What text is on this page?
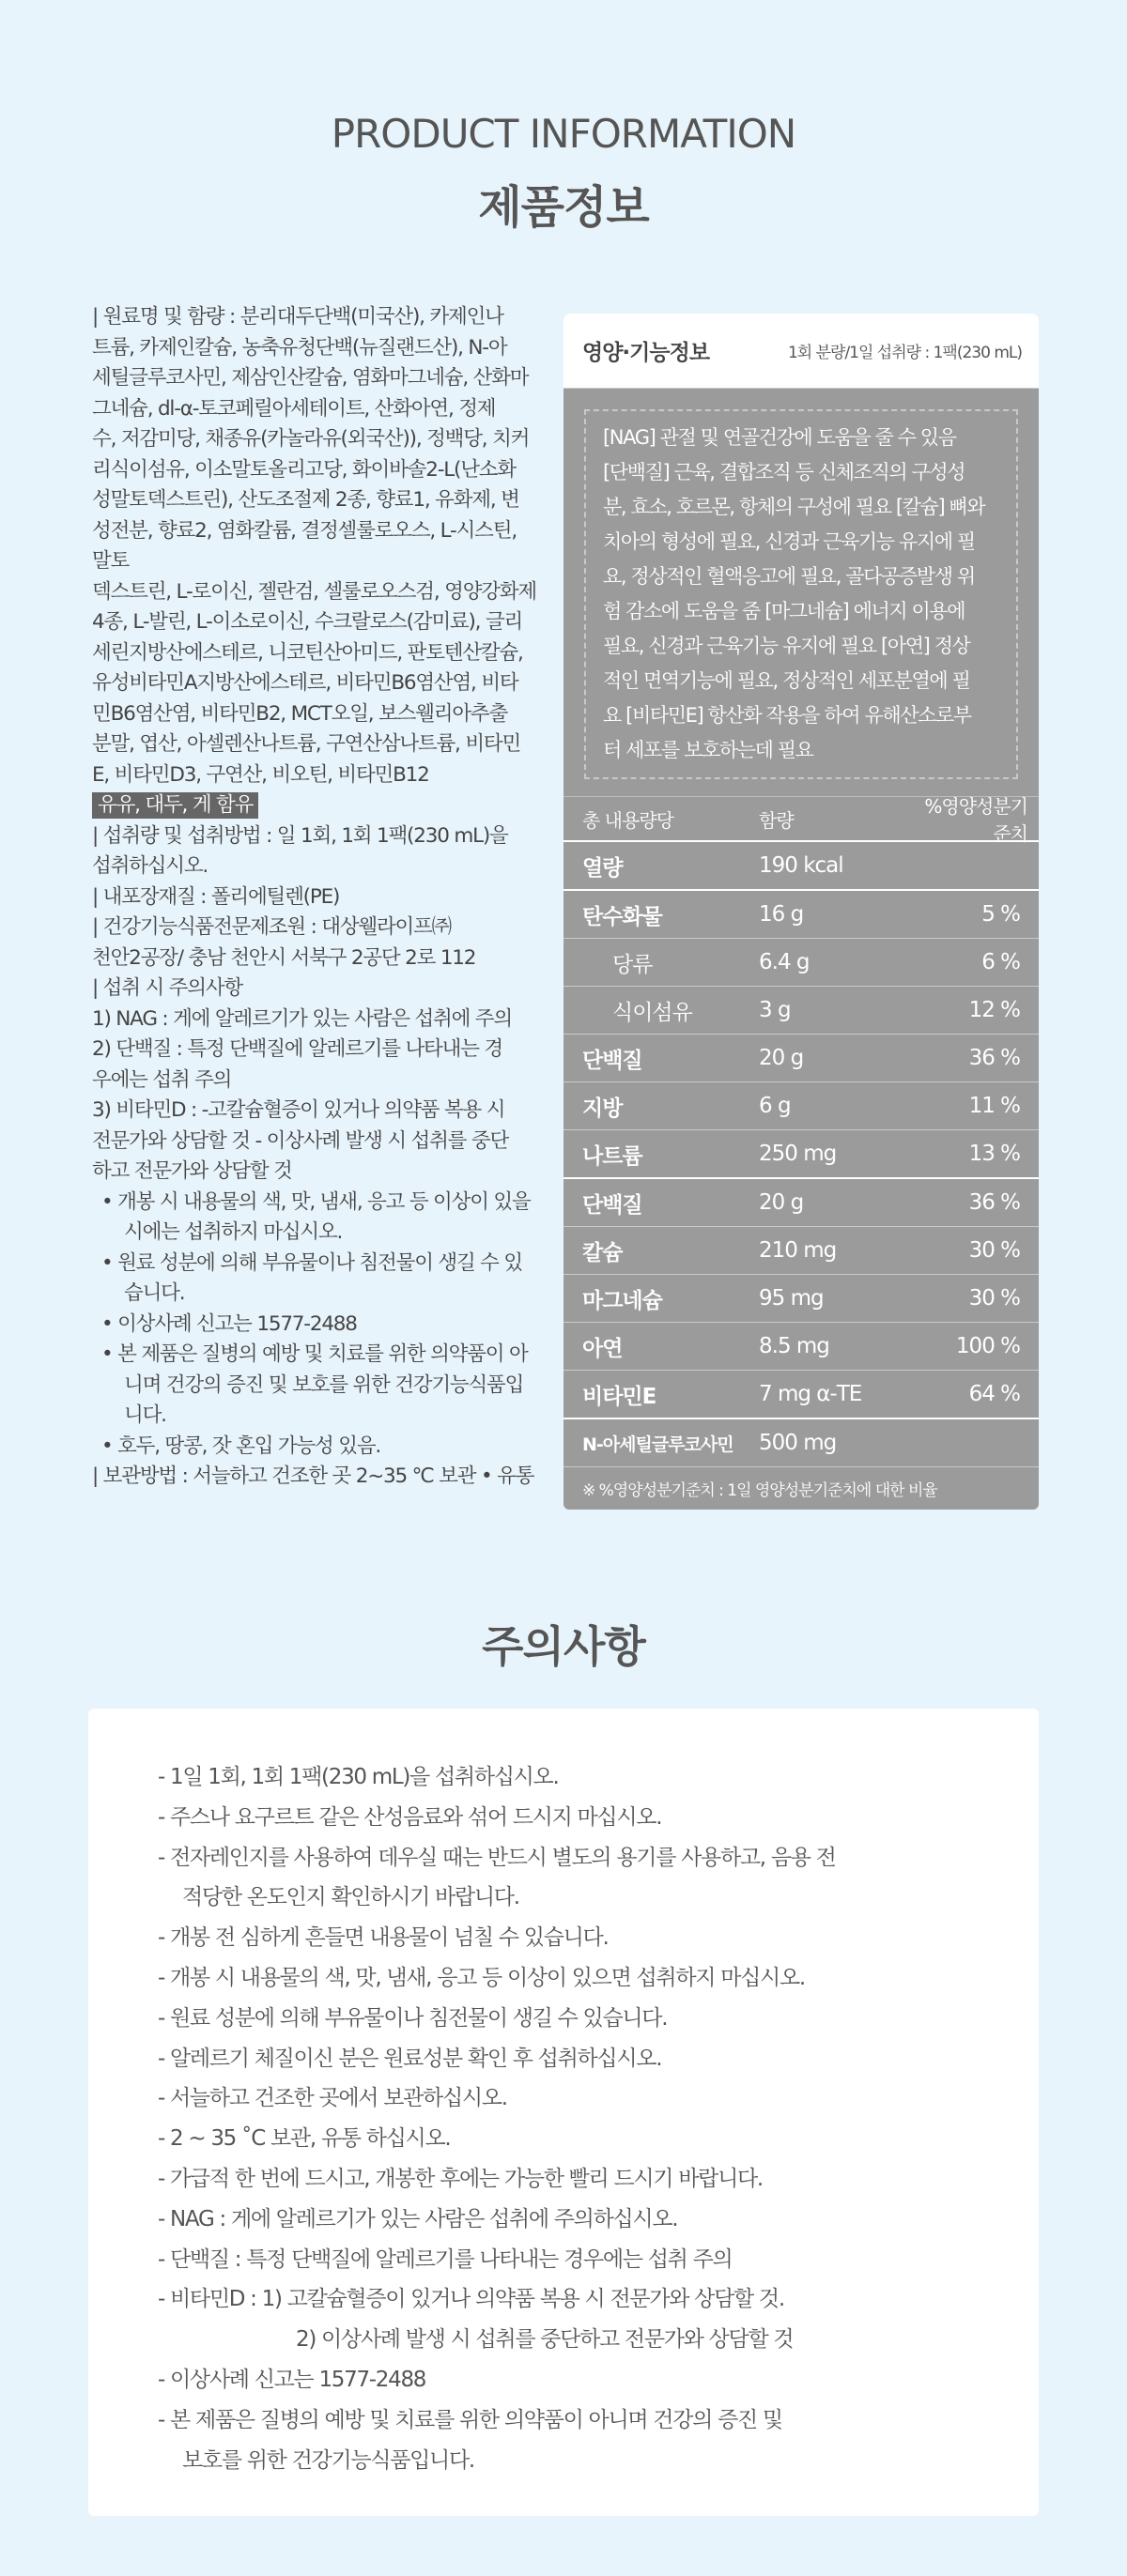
PRODUCT INFORMATION
제품정보

| 원료명 및 함량 : 분리대두단백(미국산), 카제인나

트륨, 카제인칼슘, 농축유청단백(뉴질랜드산), N-아

세틸글루코사민, 제삼인산칼슘, 염화마그네슘, 산화마

그네슘, dl-α-토코페릴아세테이트, 산화아연, 정제

수, 저감미당, 채종유(카놀라유(외국산)), 정백당, 치커

리식이섬유, 이소말토올리고당, 화이바솔2-L(난소화

성말토덱스트린), 산도조절제 2종, 향료1, 유화제, 변

성전분, 향료2, 염화칼륨, 결정셀룰로오스, L-시스틴, 말토

덱스트린, L-로이신, 젤란검, 셀룰로오스검, 영양강화제

4종, L-발린, L-이소로이신, 수크랄로스(감미료), 글리

세린지방산에스테르, 니코틴산아미드, 판토텐산칼슘,

유성비타민A지방산에스테르, 비타민B6염산염, 비타

민B6염산염, 비타민B2, MCT오일, 보스웰리아추출

분말, 엽산, 아셀렌산나트륨, 구연산삼나트륨, 비타민

E, 비타민D3, 구연산, 비오틴, 비타민B12

유유, 대두, 게 함유

| 섭취량 및 섭취방법 : 일 1회, 1회 1팩(230 mL)을

섭취하십시오.

| 내포장재질 : 폴리에틸렌(PE)

| 건강기능식품전문제조원 : 대상웰라이프㈜

천안2공장/ 충남 천안시 서북구 2공단 2로 112

| 섭취 시 주의사항

1) NAG : 게에 알레르기가 있는 사람은 섭취에 주의

2) 단백질 : 특정 단백질에 알레르기를 나타내는 경

우에는 섭취 주의

3) 비타민D : -고칼슘혈증이 있거나 의약품 복용 시

전문가와 상담할 것 - 이상사례 발생 시 섭취를 중단

하고 전문가와 상담할 것

• 개봉 시 내용물의 색, 맛, 냄새, 응고 등 이상이 있을 시에는 섭취하지 마십시오.

• 원료 성분에 의해 부유물이나 침전물이 생길 수 있습니다.

• 이상사례 신고는 1577-2488

• 본 제품은 질병의 예방 및 치료를 위한 의약품이 아니며 건강의 증진 및 보호를 위한 건강기능식품입니다.

• 호두, 땅콩, 잣 혼입 가능성 있음.

| 보관방법 : 서늘하고 건조한 곳 2~35 ℃ 보관 • 유통

영양·기능정보	1회 분량/1일 섭취량 : 1팩(230 mL)
[NAG] 관절 및 연골건강에 도움을 줄 수 있음
[단백질] 근육, 결합조직 등 신체조직의 구성성
분, 효소, 호르몬, 항체의 구성에 필요 [칼슘] 뼈와
치아의 형성에 필요, 신경과 근육기능 유지에 필
요, 정상적인 혈액응고에 필요, 골다공증발생 위
험 감소에 도움을 줌 [마그네슘] 에너지 이용에
필요, 신경과 근육기능 유지에 필요 [아연] 정상
적인 면역기능에 필요, 정상적인 세포분열에 필
요 [비타민E] 항산화 작용을 하여 유해산소로부
터 세포를 보호하는데 필요
총 내용량당	함량
%영양성분기준치
열량	190 kcal
탄수화물	16 g	5 %
당류	6.4 g	6 %
식이섬유	3 g	12 %
단백질	20 g	36 %
지방	6 g	11 %
나트륨	250 mg	13 %
단백질	20 g	36 %
칼슘	210 mg	30 %
마그네슘	95 mg	30 %
아연	8.5 mg	100 %
비타민E	7 mg α-TE	64 %
N-아세틸글루코사민	500 mg
※ %영양성분기준치 : 1일 영양성분기준치에 대한 비율
주의사항
- 1일 1회, 1회 1팩(230 mL)을 섭취하십시오.
- 주스나 요구르트 같은 산성음료와 섞어 드시지 마십시오.
- 전자레인지를 사용하여 데우실 때는 반드시 별도의 용기를 사용하고, 음용 전
적당한 온도인지 확인하시기 바랍니다.
- 개봉 전 심하게 흔들면 내용물이 넘칠 수 있습니다.
- 개봉 시 내용물의 색, 맛, 냄새, 응고 등 이상이 있으면 섭취하지 마십시오.
- 원료 성분에 의해 부유물이나 침전물이 생길 수 있습니다.
- 알레르기 체질이신 분은 원료성분 확인 후 섭취하십시오.
- 서늘하고 건조한 곳에서 보관하십시오.
- 2 ~ 35 ˚C 보관, 유통 하십시오.
- 가급적 한 번에 드시고, 개봉한 후에는 가능한 빨리 드시기 바랍니다.
- NAG : 게에 알레르기가 있는 사람은 섭취에 주의하십시오.
- 단백질 : 특정 단백질에 알레르기를 나타내는 경우에는 섭취 주의
- 비타민D : 1) 고칼슘혈증이 있거나 의약품 복용 시 전문가와 상담할 것.
2) 이상사례 발생 시 섭취를 중단하고 전문가와 상담할 것
- 이상사례 신고는 1577-2488
- 본 제품은 질병의 예방 및 치료를 위한 의약품이 아니며 건강의 증진 및
보호를 위한 건강기능식품입니다.
